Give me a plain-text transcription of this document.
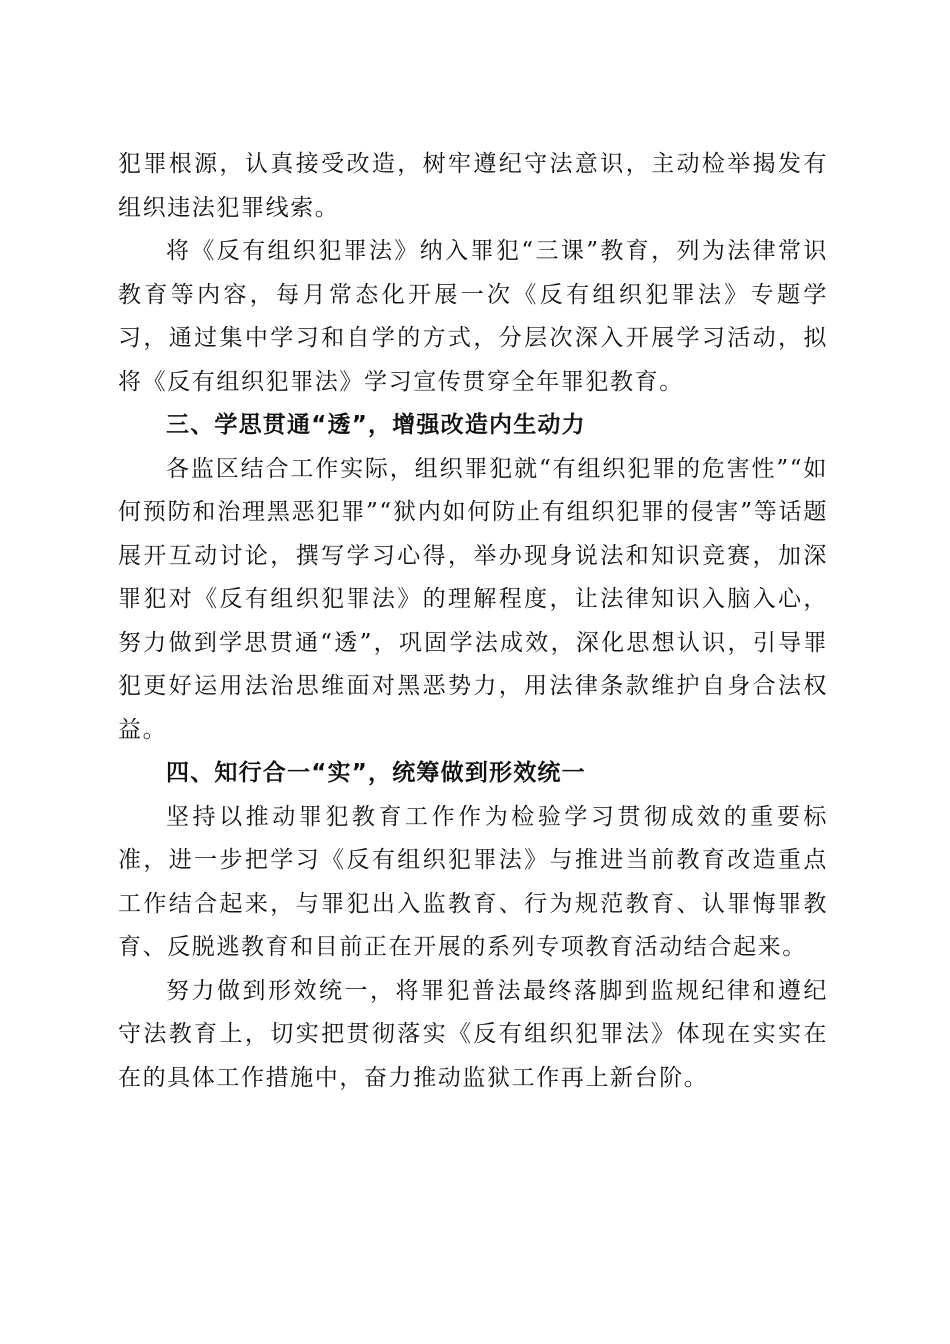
犯罪根源，认真接受改造，树牢遵纪守法意识，主动检举揭发有组织违法犯罪线索。

将《反有组织犯罪法》纳入罪犯“三课”教育，列为法律常识教育等内容，每月常态化开展一次《反有组织犯罪法》专题学习，通过集中学习和自学的方式，分层次深入开展学习活动，拟将《反有组织犯罪法》学习宣传贯穿全年罪犯教育。

三、学思贯通“透”，增强改造内生动力

各监区结合工作实际，组织罪犯就“有组织犯罪的危害性”“如何预防和治理黑恶犯罪”“狱内如何防止有组织犯罪的侵害”等话题展开互动讨论，撰写学习心得，举办现身说法和知识竞赛，加深罪犯对《反有组织犯罪法》的理解程度，让法律知识入脑入心，努力做到学思贯通“透”，巩固学法成效，深化思想认识，引导罪犯更好运用法治思维面对黑恶势力，用法律条款维护自身合法权益。

四、知行合一“实”，统筹做到形效统一

坚持以推动罪犯教育工作作为检验学习贯彻成效的重要标准，进一步把学习《反有组织犯罪法》与推进当前教育改造重点工作结合起来，与罪犯出入监教育、行为规范教育、认罪悔罪教育、反脱逃教育和目前正在开展的系列专项教育活动结合起来。

努力做到形效统一，将罪犯普法最终落脚到监规纪律和遵纪守法教育上，切实把贯彻落实《反有组织犯罪法》体现在实实在在的具体工作措施中，奋力推动监狱工作再上新台阶。
